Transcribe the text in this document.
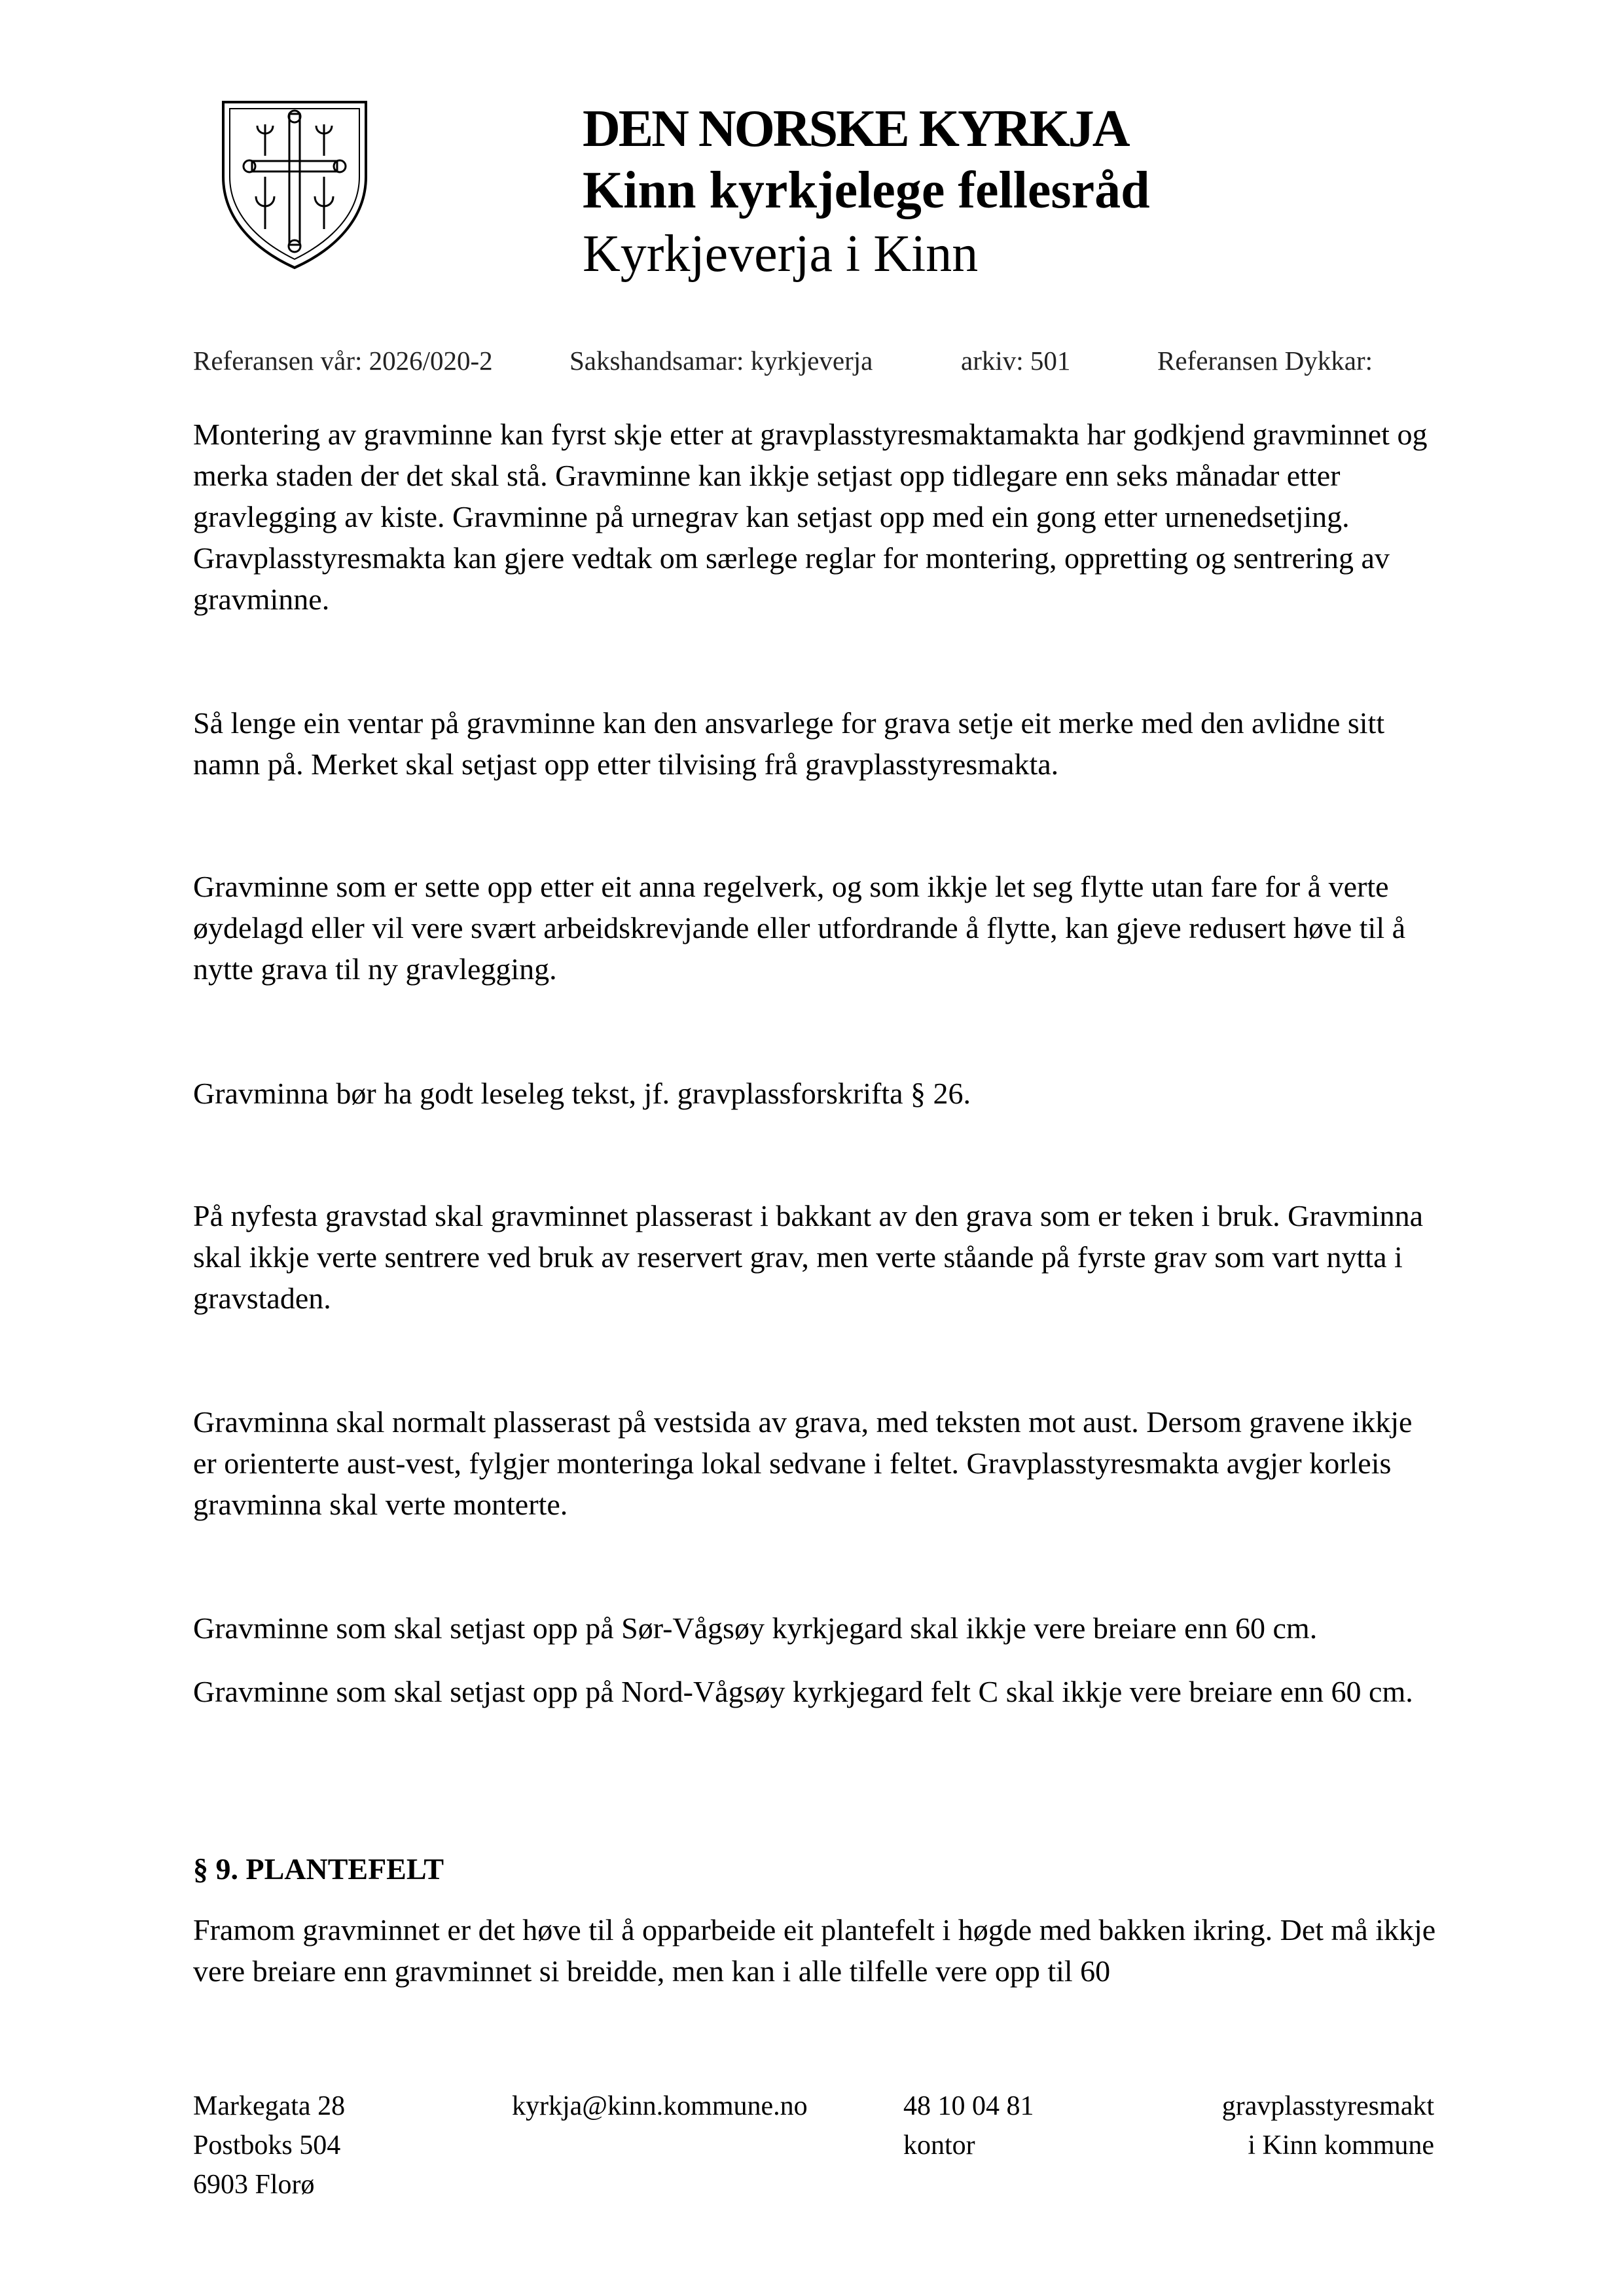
DEN NORSKE KYRKJA
Kinn kyrkjelege fellesråd
Kyrkjeverja i Kinn
Referansen vår: 2026/020-2	Sakshandsamar: kyrkjeverja	arkiv: 501	Referansen Dykkar:

Montering av gravminne kan fyrst skje etter at gravplasstyresmaktamakta har godkjend gravminnet og merka staden der det skal stå. Gravminne kan ikkje setjast opp tidlegare enn seks månadar etter gravlegging av kiste. Gravminne på urnegrav kan setjast opp med ein gong etter urnenedsetjing. Gravplasstyresmakta kan gjere vedtak om særlege reglar for montering, oppretting og sentrering av gravminne.

Så lenge ein ventar på gravminne kan den ansvarlege for grava setje eit merke med den avlidne sitt namn på. Merket skal setjast opp etter tilvising frå gravplasstyresmakta.

Gravminne som er sette opp etter eit anna regelverk, og som ikkje let seg flytte utan fare for å verte øydelagd eller vil vere svært arbeidskrevjande eller utfordrande å flytte, kan gjeve redusert høve til å nytte grava til ny gravlegging.

Gravminna bør ha godt leseleg tekst, jf. gravplassforskrifta § 26.

På nyfesta gravstad skal gravminnet plasserast i bakkant av den grava som er teken i bruk. Gravminna skal ikkje verte sentrere ved bruk av reservert grav, men verte ståande på fyrste grav som vart nytta i gravstaden.

Gravminna skal normalt plasserast på vestsida av grava, med teksten mot aust. Dersom gravene ikkje er orienterte aust-vest, fylgjer monteringa lokal sedvane i feltet. Gravplasstyresmakta avgjer korleis gravminna skal verte monterte.

Gravminne som skal setjast opp på Sør-Vågsøy kyrkjegard skal ikkje vere breiare enn 60 cm.

Gravminne som skal setjast opp på Nord-Vågsøy kyrkjegard felt C skal ikkje vere breiare enn 60 cm.

§ 9. PLANTEFELT

Framom gravminnet er det høve til å opparbeide eit plantefelt i høgde med bakken ikring. Det må ikkje vere breiare enn gravminnet si breidde, men kan i alle tilfelle vere opp til 60

Markegata 28
Postboks 504
6903 Florø
kyrkja@kinn.kommune.no	48 10 04 81
kontor
gravplasstyresmakt
i Kinn kommune
